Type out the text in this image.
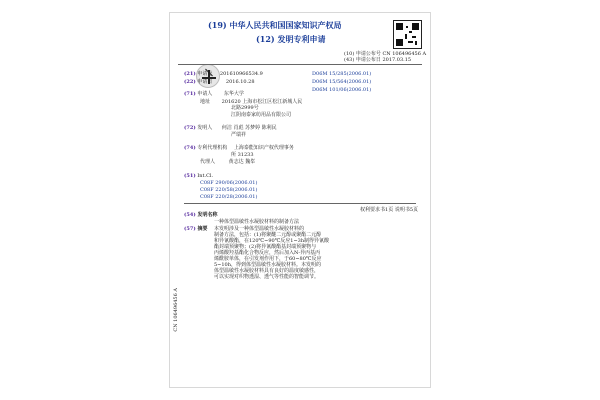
(19) 中华人民共和国国家知识产权局
(12) 发明专利申请
(10) 申请公布号 CN 106496456 A
(43) 申请公布日 2017.03.15
(21) 申请号 201610966534.9
(22) 申请日	2016.10.28
(71) 申请人 东华大学
地址 201620 上海市松江区松江新城人民
北路2999号
江阴南泰家纺用品有限公司
(72) 发明人 何洁 肖彪 苏梦婷 陈利民
严瑞祥
(74) 专利代理机构 上海泰能知识产权代理事务
所 31233
代理人	黄志达 魏峯
(51) Int.Cl.
C08F 290/06(2006.01)
C08F 220/58(2006.01)
C08F 220/28(2006.01)
D06M 15/285(2006.01)
D06M 15/564(2006.01)
D06M 101/06(2006.01)
权利要求书1页 说明书5页
(54) 发明名称
一种体型温敏性水凝胶材料的制备方法
(57) 摘要 本发明涉及一种体型温敏性水凝胶材料的
制备方法，包括：(1)将聚醚二元醇或聚酯二元醇
和异氰酸酯，在120℃~90℃反应1~3h制得异氰酸
酯封端预聚物；(2)将异氰酸酯基封端预聚物与
丙烯酸羟基酯化合物反应，然后加入N-异丙基丙
烯酰胺单体，在引发剂作用下，于60~80℃反应
5~10h，得到体型温敏性水凝胶材料。本发明的
体型温敏性水凝胶材料具有良好的温度敏感性，
可以实现对织物透湿、透气等性能的智能调节。
CN 106496456 A
